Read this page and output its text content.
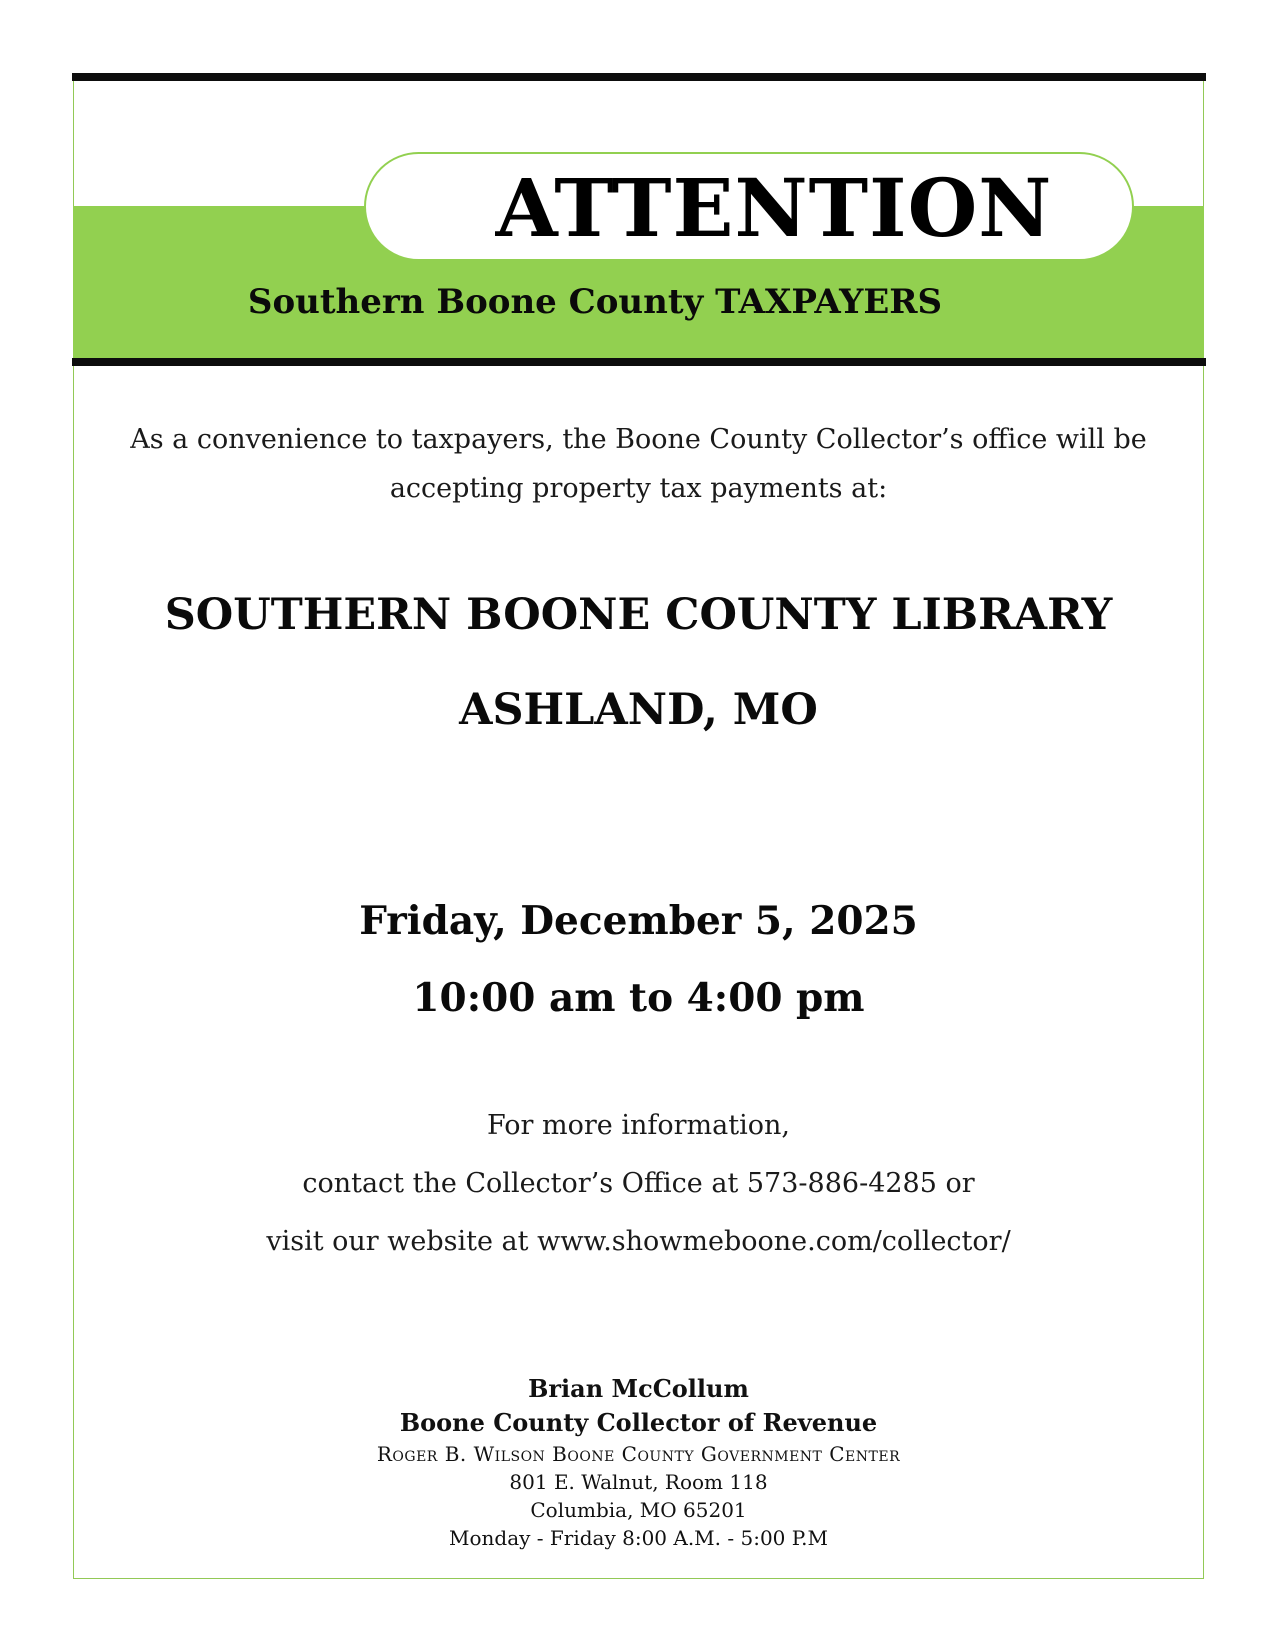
ATTENTION
Southern Boone County TAXPAYERS
As a convenience to taxpayers, the Boone County Collector’s office will be
accepting property tax payments at:
SOUTHERN BOONE COUNTY LIBRARY
ASHLAND, MO
Friday, December 5, 2025
10:00 am to 4:00 pm
For more information,
contact the Collector’s Office at 573-886-4285 or
visit our website at www.showmeboone.com/collector/
Brian McCollum
Boone County Collector of Revenue
Roger B. Wilson Boone County Government Center
801 E. Walnut, Room 118
Columbia, MO 65201
Monday - Friday 8:00 A.M. - 5:00 P.M
